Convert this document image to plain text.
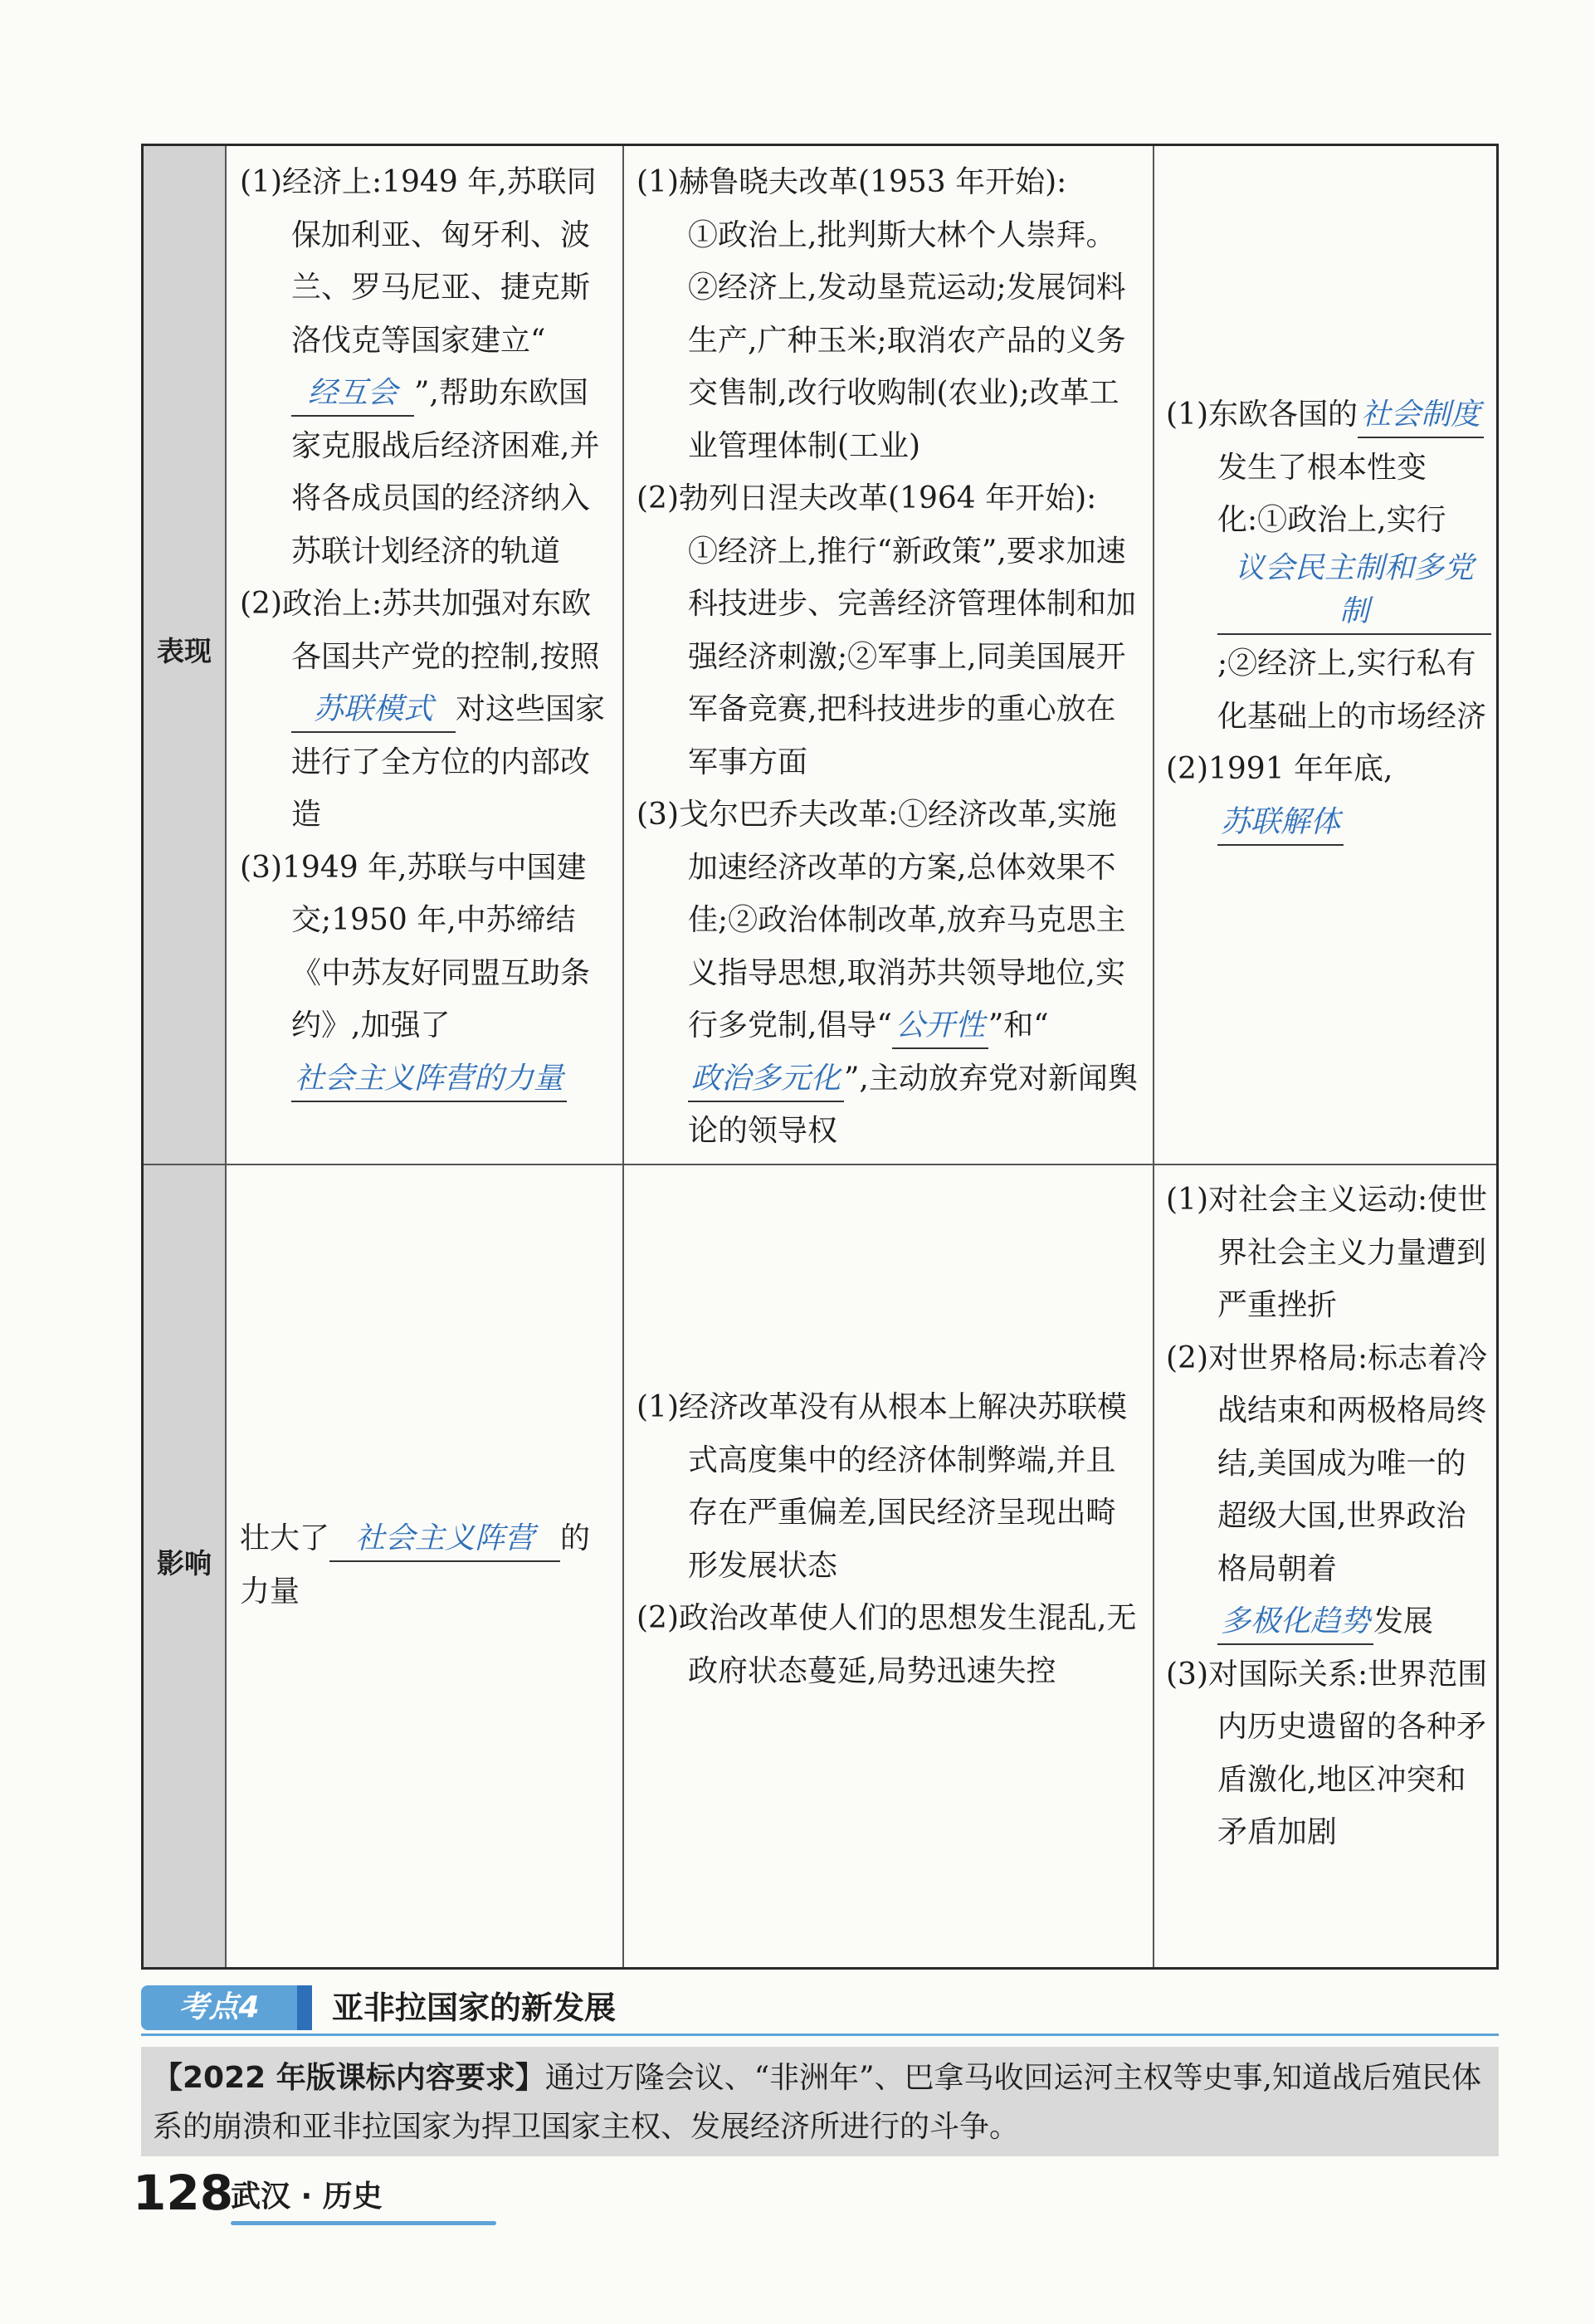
表现
(1)经济上:1949 年,苏联同保加利亚、匈牙利、波兰、罗马尼亚、捷克斯洛伐克等国家建立“经互会 ”,帮助东欧国家克服战后经济困难,并将各成员国的经济纳入苏联计划经济的轨道
(2)政治上:苏共加强对东欧各国共产党的控制,按照苏联模式 对这些国家进行了全方位的内部改造
(3)1949 年,苏联与中国建交;1950 年,中苏缔结《中苏友好同盟互助条约》,加强了社会主义阵营的力量
(1)赫鲁晓夫改革(1953 年开始):
①政治上,批判斯大林个人崇拜。
②经济上,发动垦荒运动;发展饲料生产,广种玉米;取消农产品的义务交售制,改行收购制(农业);改革工业管理体制(工业)
(2)勃列日涅夫改革(1964 年开始):
①经济上,推行“新政策”,要求加速科技进步、完善经济管理体制和加强经济刺激;②军事上,同美国展开军备竞赛,把科技进步的重心放在军事方面
(3)戈尔巴乔夫改革:①经济改革,实施加速经济改革的方案,总体效果不佳;②政治体制改革,放弃马克思主义指导思想,取消苏共领导地位,实行多党制,倡导“ 公开性 ”和“政治多元化 ”,主动放弃党对新闻舆论的领导权
(1)东欧各国的 社会制度发生了根本性变化:①政治上,实行议会民主制和多党制;②经济上,实行私有化基础上的市场经济
(2)1991 年年底,苏联解体
影响
壮大了 社会主义阵营 的力量
(1)经济改革没有从根本上解决苏联模式高度集中的经济体制弊端,并且存在严重偏差,国民经济呈现出畸形发展状态
(2)政治改革使人们的思想发生混乱,无政府状态蔓延,局势迅速失控
(1)对社会主义运动:使世界社会主义力量遭到严重挫折
(2)对世界格局:标志着冷战结束和两极格局终结,美国成为唯一的超级大国,世界政治格局朝着多极化趋势 发展
(3)对国际关系:世界范围内历史遗留的各种矛盾激化,地区冲突和矛盾加剧
考点4	亚非拉国家的新发展
【2022 年版课标内容要求】通过万隆会议、“非洲年”、巴拿马收回运河主权等史事,知道战后殖民体系的崩溃和亚非拉国家为捍卫国家主权、发展经济所进行的斗争。
128
武汉 · 历史
